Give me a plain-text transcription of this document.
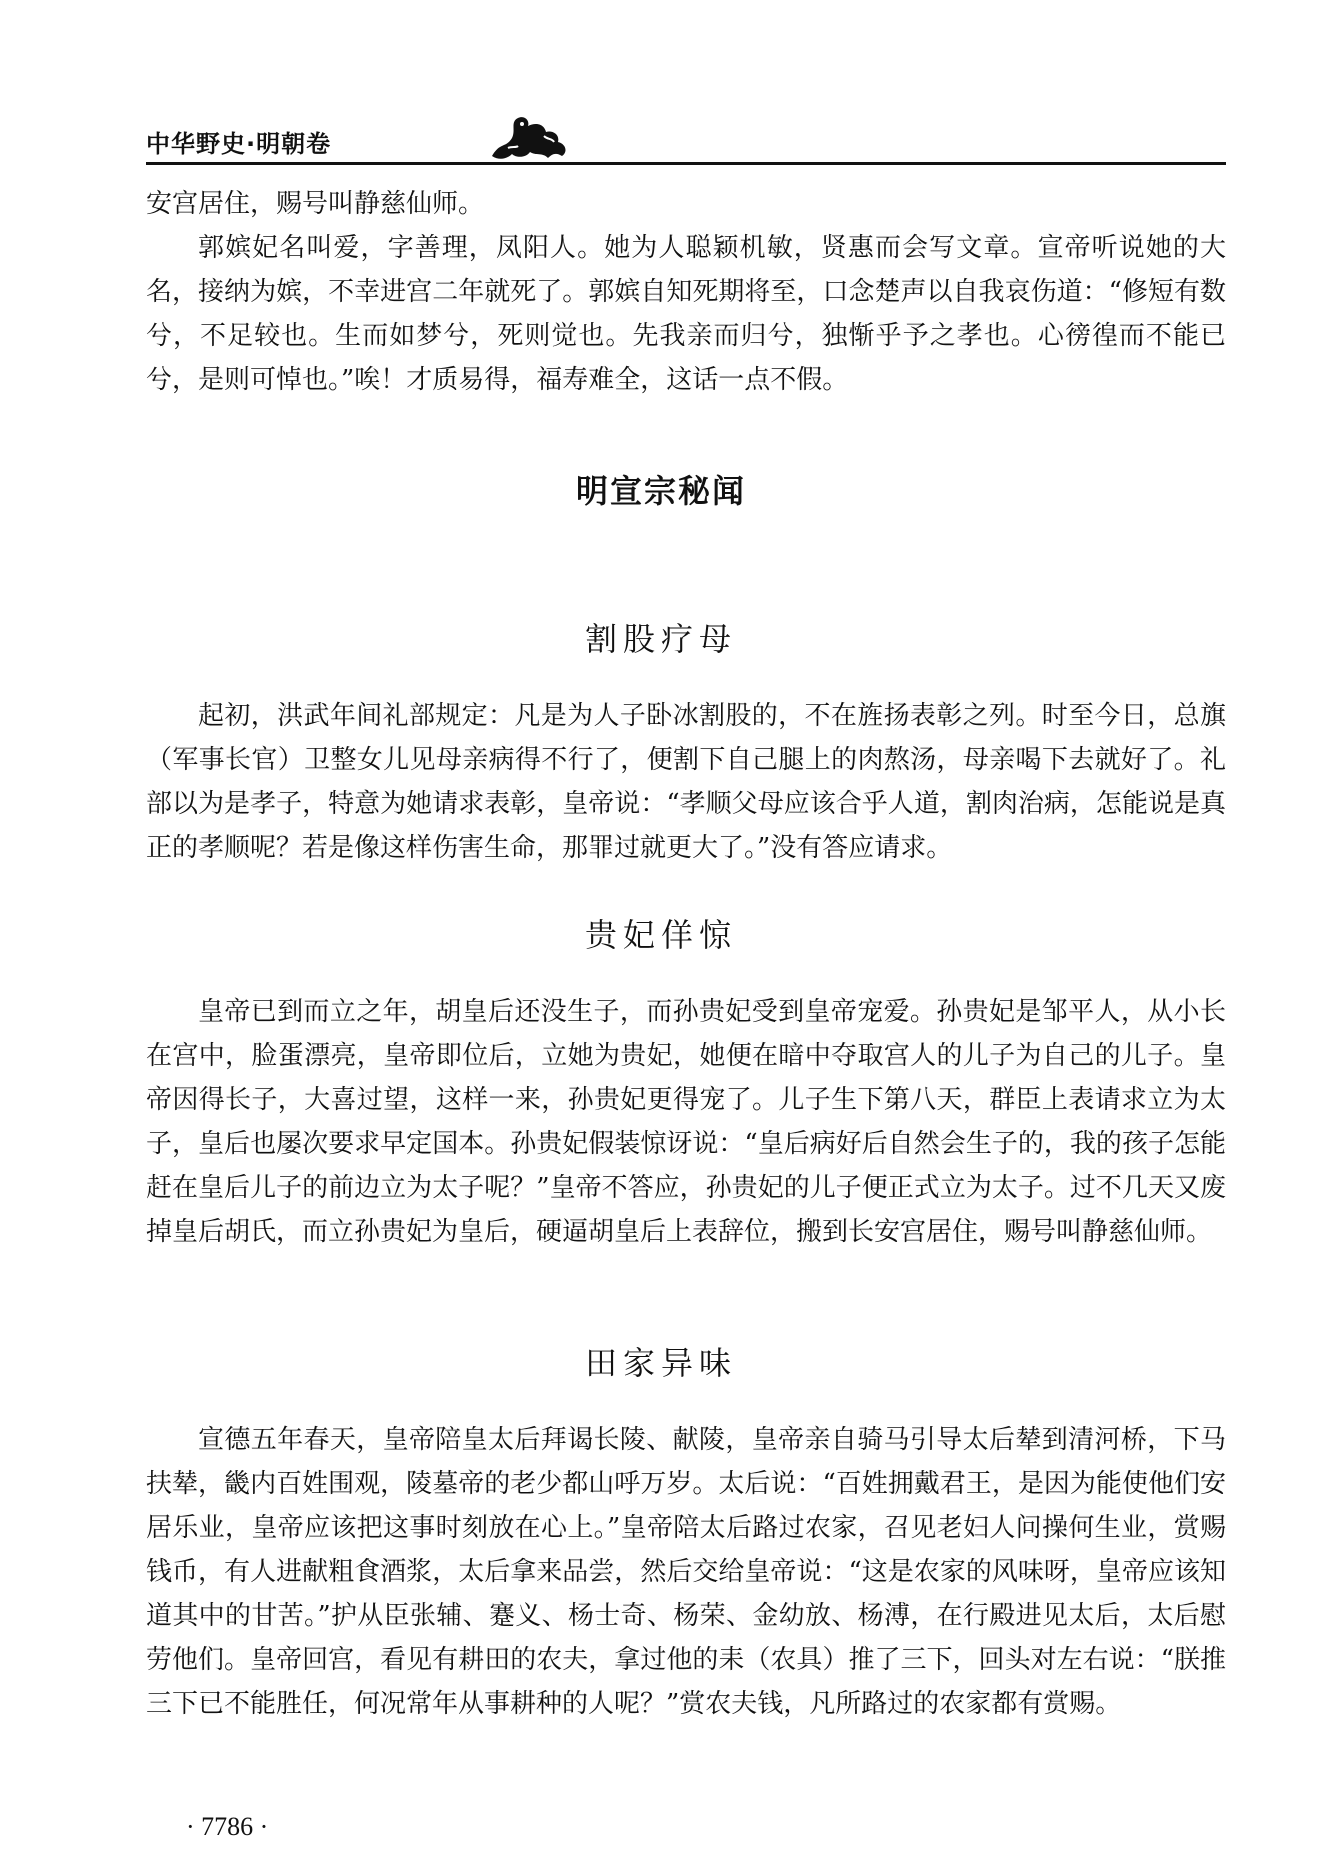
中华野史·明朝卷

安宫居住，赐号叫静慈仙师。

郭嫔妃名叫爱，字善理，凤阳人。她为人聪颖机敏，贤惠而会写文章。宣帝听说她的大名，接纳为嫔，不幸进宫二年就死了。郭嫔自知死期将至，口念楚声以自我哀伤道：“修短有数兮，不足较也。生而如梦兮，死则觉也。先我亲而归兮，独惭乎予之孝也。心徬徨而不能已兮，是则可悼也。”唉！才质易得，福寿难全，这话一点不假。

明宣宗秘闻
割股疗母

起初，洪武年间礼部规定：凡是为人子卧冰割股的，不在旌扬表彰之列。时至今日，总旗（军事长官）卫整女儿见母亲病得不行了，便割下自己腿上的肉熬汤，母亲喝下去就好了。礼部以为是孝子，特意为她请求表彰，皇帝说：“孝顺父母应该合乎人道，割肉治病，怎能说是真正的孝顺呢？若是像这样伤害生命，那罪过就更大了。”没有答应请求。

贵妃佯惊

皇帝已到而立之年，胡皇后还没生子，而孙贵妃受到皇帝宠爱。孙贵妃是邹平人，从小长在宫中，脸蛋漂亮，皇帝即位后，立她为贵妃，她便在暗中夺取宫人的儿子为自己的儿子。皇帝因得长子，大喜过望，这样一来，孙贵妃更得宠了。儿子生下第八天，群臣上表请求立为太子，皇后也屡次要求早定国本。孙贵妃假装惊讶说：“皇后病好后自然会生子的，我的孩子怎能赶在皇后儿子的前边立为太子呢？”皇帝不答应，孙贵妃的儿子便正式立为太子。过不几天又废掉皇后胡氏，而立孙贵妃为皇后，硬逼胡皇后上表辞位，搬到长安宫居住，赐号叫静慈仙师。

田家异味

宣德五年春天，皇帝陪皇太后拜谒长陵、献陵，皇帝亲自骑马引导太后辇到清河桥，下马扶辇，畿内百姓围观，陵墓帝的老少都山呼万岁。太后说：“百姓拥戴君王，是因为能使他们安居乐业，皇帝应该把这事时刻放在心上。”皇帝陪太后路过农家，召见老妇人问操何生业，赏赐钱币，有人进献粗食酒浆，太后拿来品尝，然后交给皇帝说：“这是农家的风味呀，皇帝应该知道其中的甘苦。”护从臣张辅、蹇义、杨士奇、杨荣、金幼放、杨溥，在行殿进见太后，太后慰劳他们。皇帝回宫，看见有耕田的农夫，拿过他的耒（农具）推了三下，回头对左右说：“朕推三下已不能胜任，何况常年从事耕种的人呢？”赏农夫钱，凡所路过的农家都有赏赐。

· 7786 ·
